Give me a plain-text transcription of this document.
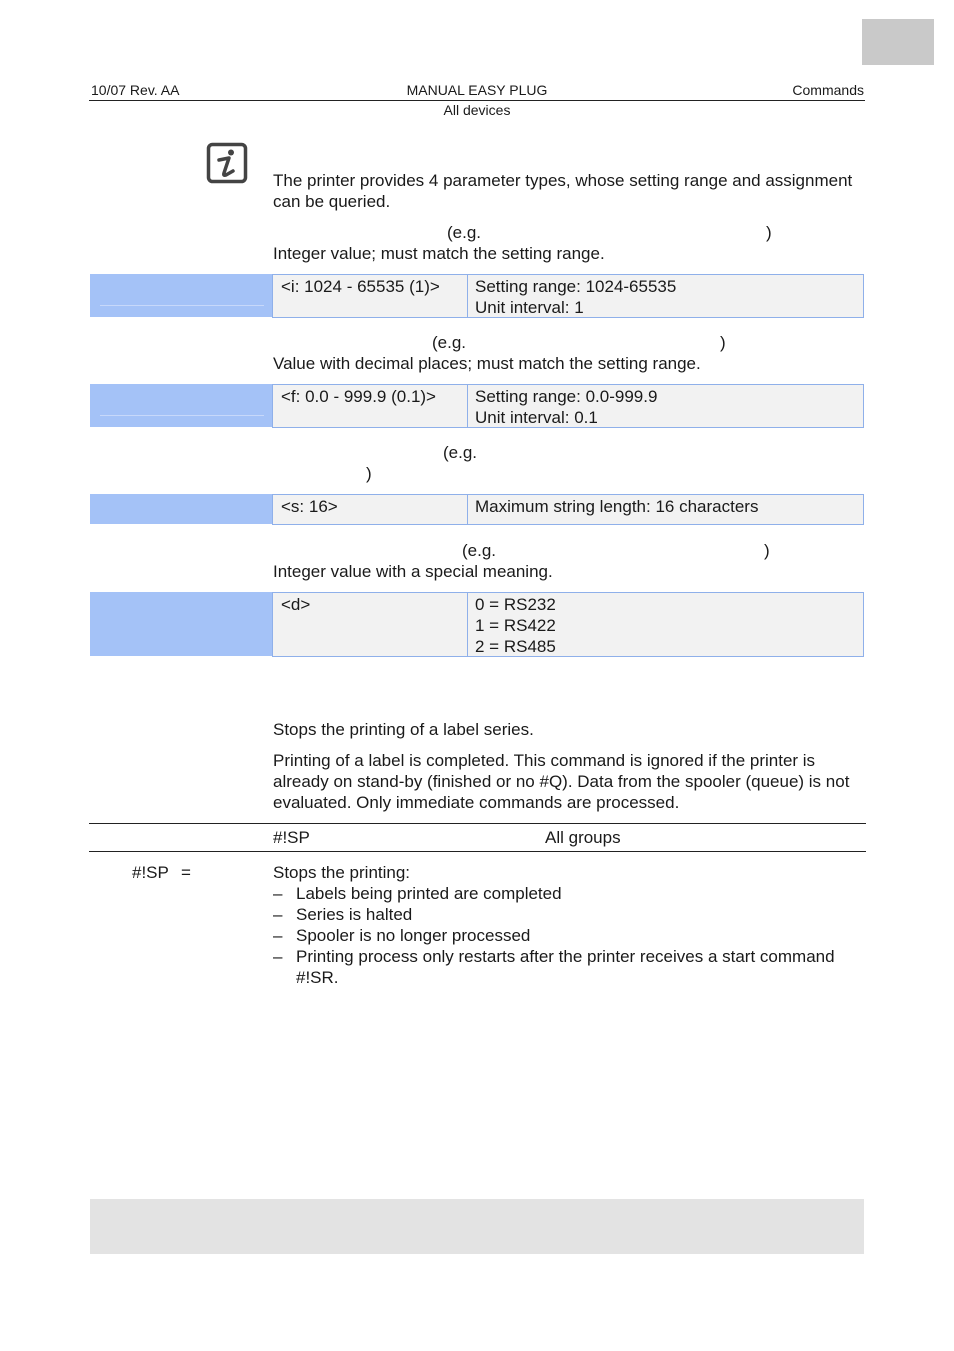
10/07 Rev. AA	MANUAL EASY PLUG	Commands
All devices
The printer provides 4 parameter types, whose setting range and assignment can be queried.
(e.g.	)
Integer value; must match the setting range.
<i: 1024 - 65535 (1)> Setting range: 1024-65535
Unit interval: 1
(e.g.	)
Value with decimal places; must match the setting range.
<f: 0.0 - 999.9 (0.1)> Setting range: 0.0-999.9
Unit interval: 0.1
(e.g.
)
<s: 16>	Maximum string length: 16 characters
(e.g.	)
Integer value with a special meaning.
<d>	0 = RS232
1 = RS422
2 = RS485
Stops the printing of a label series.
Printing of a label is completed. This command is ignored if the printer is already on stand-by (finished or no #Q). Data from the spooler (queue) is not evaluated. Only immediate commands are processed.
#!SP	All groups
#!SP =	Stops the printing:
– Labels being printed are completed
– Series is halted
– Spooler is no longer processed
– Printing process only restarts after the printer receives a start command #!SR.
